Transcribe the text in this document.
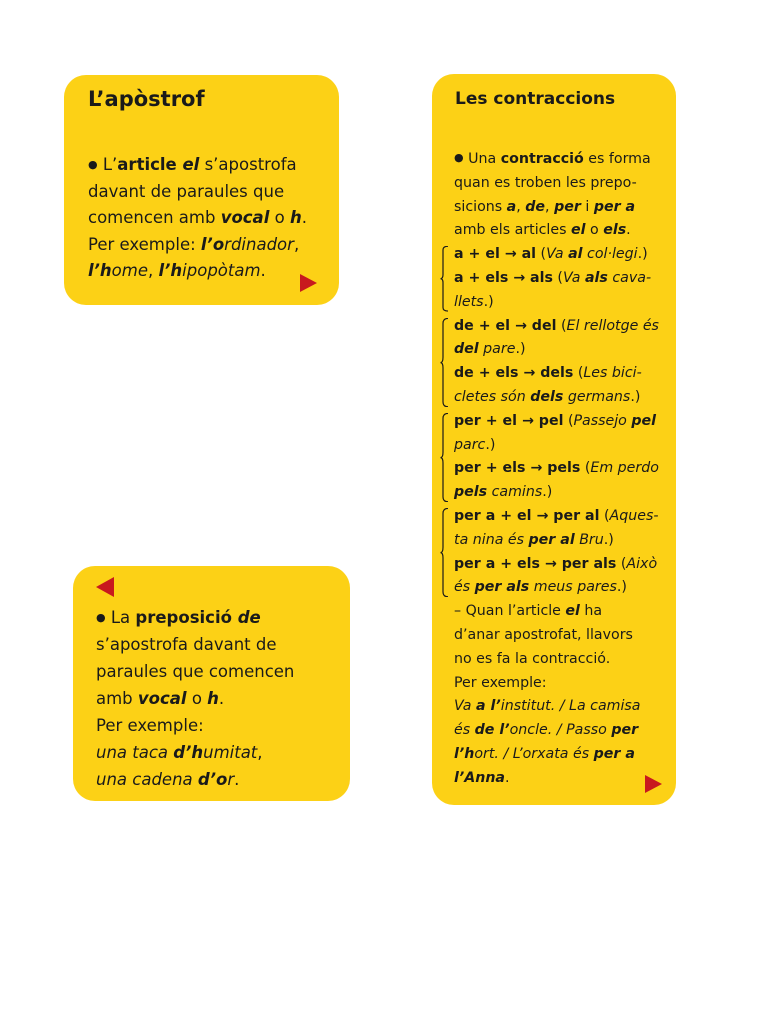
L’apòstrof
● L’article el s’apostrofa
davant de paraules que
comencen amb vocal o h.
Per exemple: l’ordinador,
l’home, l’hipopòtam.
● La preposició de
s’apostrofa davant de
paraules que comencen
amb vocal o h.
Per exemple:
una taca d’humitat,
una cadena d’or.
Les contraccions
● Una contracció es forma
quan es troben les prepo-
sicions a, de, per i per a
amb els articles el o els.
a + el → al (Va al col·legi.)
a + els → als (Va als cava-
llets.)
de + el → del (El rellotge és
del pare.)
de + els → dels (Les bici-
cletes són dels germans.)
per + el → pel (Passejo pel
parc.)
per + els → pels (Em perdo
pels camins.)
per a + el → per al (Aques-
ta nina és per al Bru.)
per a + els → per als (Això
és per als meus pares.)
– Quan l’article el ha
d’anar apostrofat, llavors
no es fa la contracció.
Per exemple:
Va a l’institut. / La camisa
és de l’oncle. / Passo per
l’hort. / L’orxata és per a
l’Anna.
